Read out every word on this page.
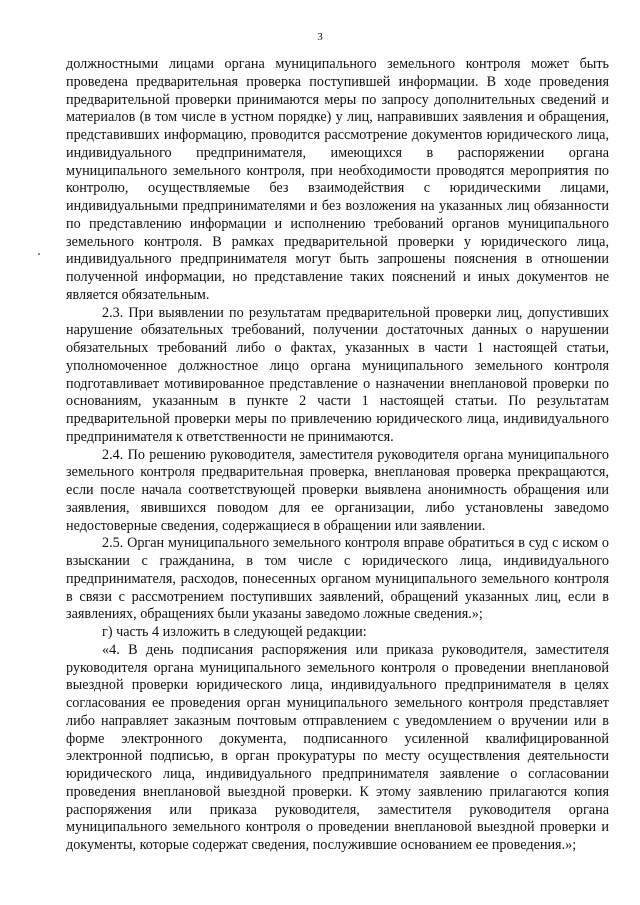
3

должностными лицами органа муниципального земельного контроля может быть проведена предварительная проверка поступившей информации. В ходе проведения предварительной проверки принимаются меры по запросу дополнительных сведений и материалов (в том числе в устном порядке) у лиц, направивших заявления и обращения, представивших информацию, проводится рассмотрение документов юридического лица, индивидуального предпринимателя, имеющихся в распоряжении органа муниципального земельного контроля, при необходимости проводятся мероприятия по контролю, осуществляемые без взаимодействия с юридическими лицами, индивидуальными предпринимателями и без возложения на указанных лиц обязанности по представлению информации и исполнению требований органов муниципального земельного контроля. В рамках предварительной проверки у юридического лица, индивидуального предпринимателя могут быть запрошены пояснения в отношении полученной информации, но представление таких пояснений и иных документов не является обязательным.

2.3. При выявлении по результатам предварительной проверки лиц, допустивших нарушение обязательных требований, получении достаточных данных о нарушении обязательных требований либо о фактах, указанных в части 1 настоящей статьи, уполномоченное должностное лицо органа муниципального земельного контроля подготавливает мотивированное представление о назначении внеплановой проверки по основаниям, указанным в пункте 2 части 1 настоящей статьи. По результатам предварительной проверки меры по привлечению юридического лица, индивидуального предпринимателя к ответственности не принимаются.

2.4. По решению руководителя, заместителя руководителя органа муниципального земельного контроля предварительная проверка, внеплановая проверка прекращаются, если после начала соответствующей проверки выявлена анонимность обращения или заявления, явившихся поводом для ее организации, либо установлены заведомо недостоверные сведения, содержащиеся в обращении или заявлении.

2.5. Орган муниципального земельного контроля вправе обратиться в суд с иском о взыскании с гражданина, в том числе с юридического лица, индивидуального предпринимателя, расходов, понесенных органом муниципального земельного контроля в связи с рассмотрением поступивших заявлений, обращений указанных лиц, если в заявлениях, обращениях были указаны заведомо ложные сведения.»;

г) часть 4 изложить в следующей редакции:

«4. В день подписания распоряжения или приказа руководителя, заместителя руководителя органа муниципального земельного контроля о проведении внеплановой выездной проверки юридического лица, индивидуального предпринимателя в целях согласования ее проведения орган муниципального земельного контроля представляет либо направляет заказным почтовым отправлением с уведомлением о вручении или в форме электронного документа, подписанного усиленной квалифицированной электронной подписью, в орган прокуратуры по месту осуществления деятельности юридического лица, индивидуального предпринимателя заявление о согласовании проведения внеплановой выездной проверки. К этому заявлению прилагаются копия распоряжения или приказа руководителя, заместителя руководителя органа муниципального земельного контроля о проведении внеплановой выездной проверки и документы, которые содержат сведения, послужившие основанием ее проведения.»;
